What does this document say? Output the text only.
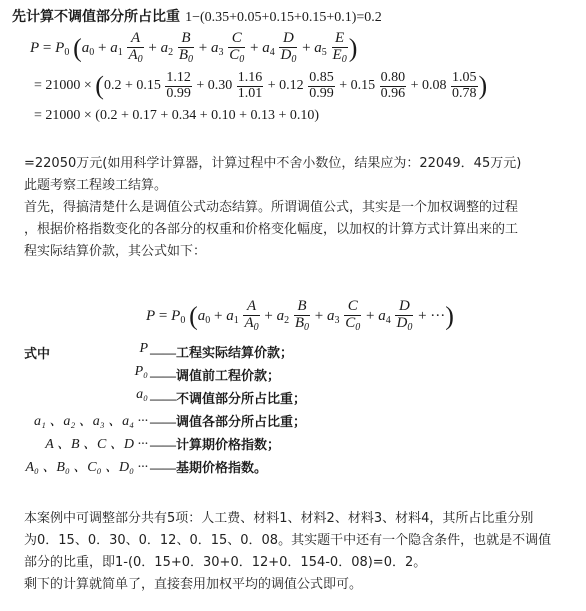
先计算不调值部分所占比重 1−(0.35+0.05+0.15+0.15+0.1)=0.2
$P = P_0$ ($a_0 + a_1 \frac{A}{A_0} + a_2 \frac{B}{B_0} + a_3 \frac{C}{C_0} + a_4 \frac{D}{D_0} + a_5 \frac{E}{E_0}$ )
= $21000 \times (0.2 + 0.15 \frac{1.12}{0.99} + 0.30 \frac{1.16}{1.01} + 0.12 \frac{0.85}{0.99} + 0.15 \frac{0.80}{0.96} + 0.08 \frac{1.05}{0.78}$ )
= 21000 × (0.2 + 0.17 + 0.34 + 0.10 + 0.13 + 0.10)
=22050万元(如用科学计算器，计算过程中不舍小数位，结果应为：22049．45万元)
此题考察工程竣工结算。
首先，得搞清楚什么是调值公式动态结算。所谓调值公式，其实是一个加权调整的过程
，根据价格指数变化的各部分的权重和价格变化幅度，以加权的计算方式计算出来的工
程实际结算价款，其公式如下：
$P = P_0$ ($a_0 + a_1 \frac{A}{A_0} + a_2 \frac{B}{B_0} + a_3 \frac{C}{C_0} + a_4 \frac{D}{D_0}$ + ···)
式中	P ——工程实际结算价款；
P₀ ——调值前工程价款；
a₀ ——不调值部分所占比重；
a₁ 、a₂ 、a₃ 、a₄ ··· ——调值各部分所占比重；
A 、B 、C 、D ··· ——计算期价格指数；
A₀ 、B₀ 、C₀ 、D₀ ··· ——基期价格指数。
本案例中可调整部分共有5项：人工费、材料1、材料2、材料3、材料4，其所占比重分别
为0．15、0．30、0．12、0．15、0．08。其实题干中还有一个隐含条件，也就是不调值
部分的比重，即1-(0．15+0．30+0．12+0．154-0．08)=0．2。
剩下的计算就简单了，直接套用加权平均的调值公式即可。
